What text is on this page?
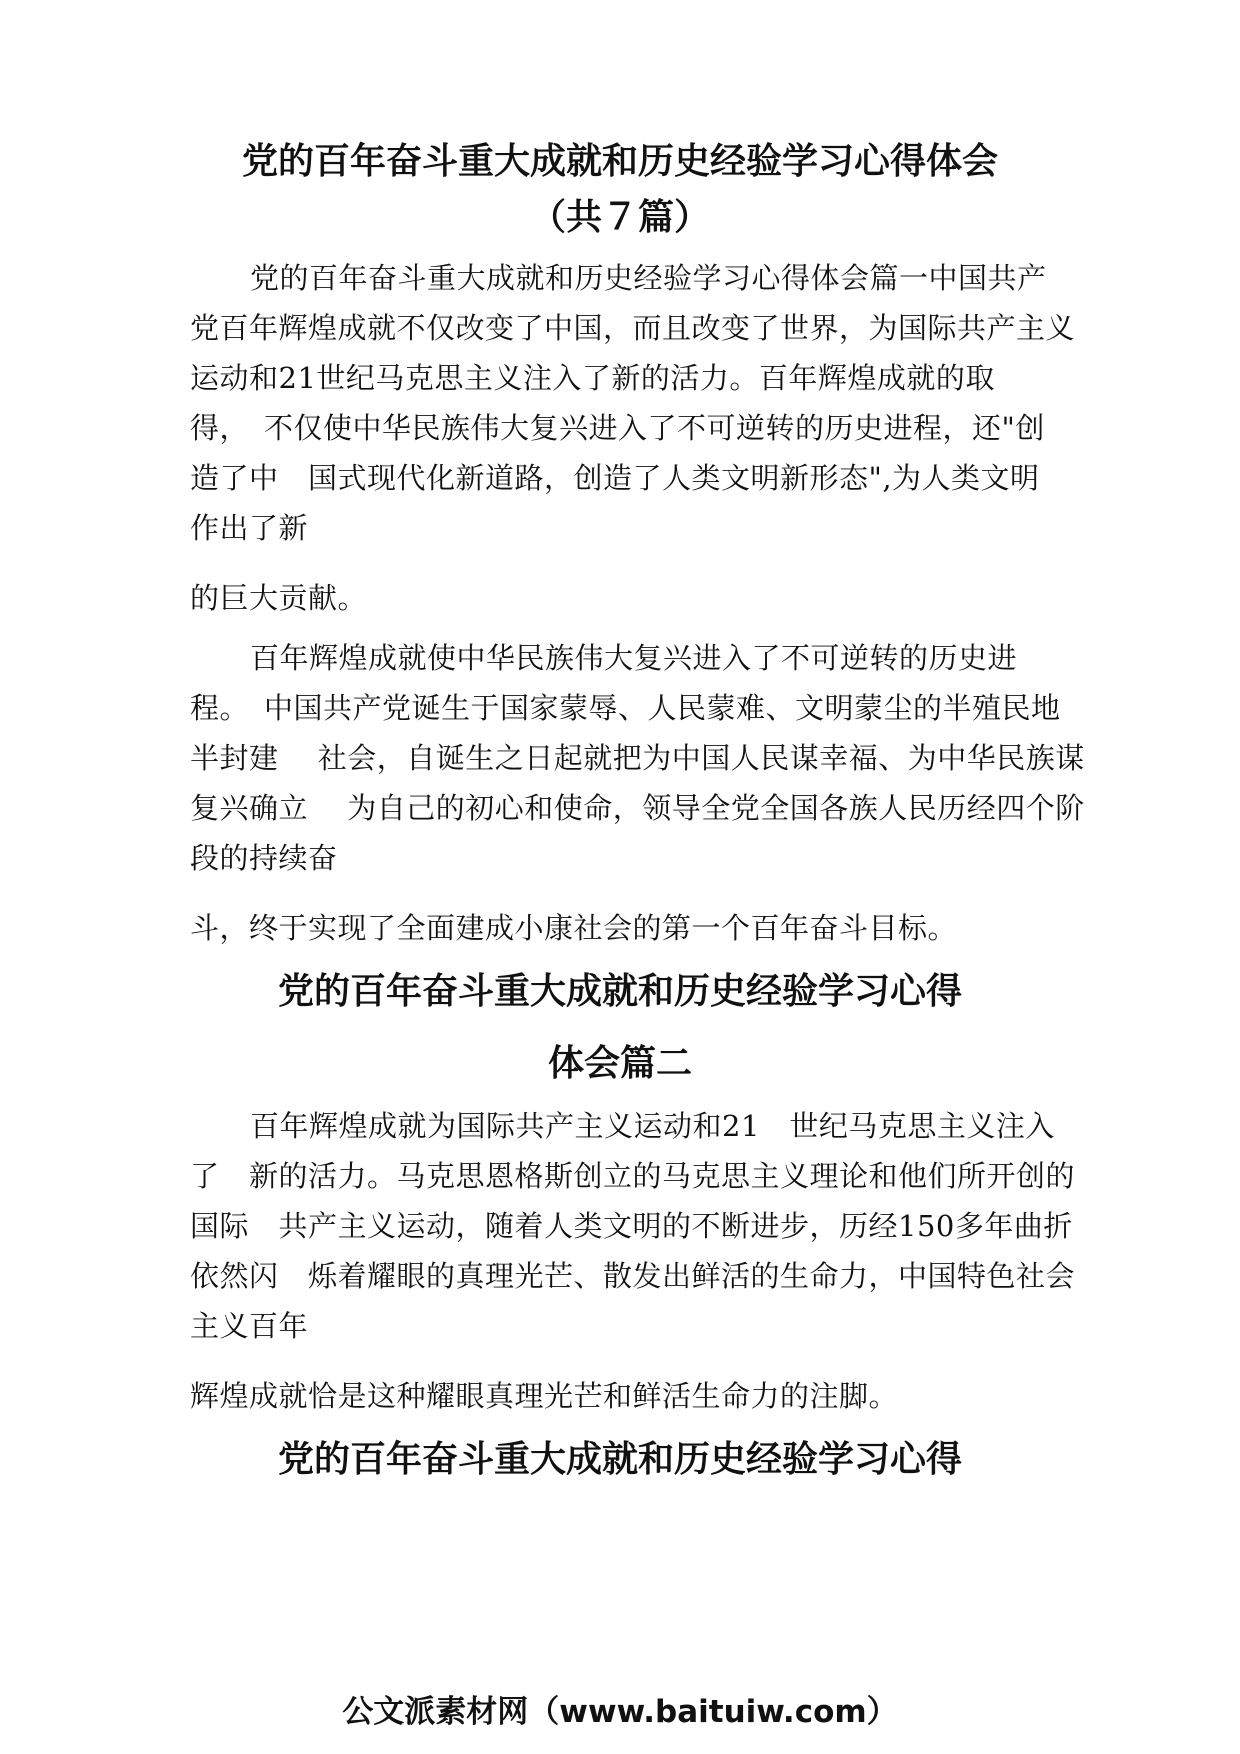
党的百年奋斗重大成就和历史经验学习心得体会
（共７篇）
党的百年奋斗重大成就和历史经验学习心得体会篇一中国共产
党百年辉煌成就不仅改变了中国，而且改变了世界，为国际共产主义
运动和21世纪马克思主义注入了新的活力。百年辉煌成就的取
得，　不仅使中华民族伟大复兴进入了不可逆转的历史进程，还"创
造了中　国式现代化新道路，创造了人类文明新形态",为人类文明
作出了新
的巨大贡献。
百年辉煌成就使中华民族伟大复兴进入了不可逆转的历史进
程。　中国共产党诞生于国家蒙辱、人民蒙难、文明蒙尘的半殖民地
半封建　 社会，自诞生之日起就把为中国人民谋幸福、为中华民族谋
复兴确立　 为自己的初心和使命，领导全党全国各族人民历经四个阶
段的持续奋
斗，终于实现了全面建成小康社会的第一个百年奋斗目标。
党的百年奋斗重大成就和历史经验学习心得
体会篇二
百年辉煌成就为国际共产主义运动和21　世纪马克思主义注入
了　新的活力。马克思恩格斯创立的马克思主义理论和他们所开创的
国际　共产主义运动，随着人类文明的不断进步，历经150多年曲折
依然闪　烁着耀眼的真理光芒、散发出鲜活的生命力，中国特色社会
主义百年
辉煌成就恰是这种耀眼真理光芒和鲜活生命力的注脚。
党的百年奋斗重大成就和历史经验学习心得
公文派素材网（www.baituiw.com）
